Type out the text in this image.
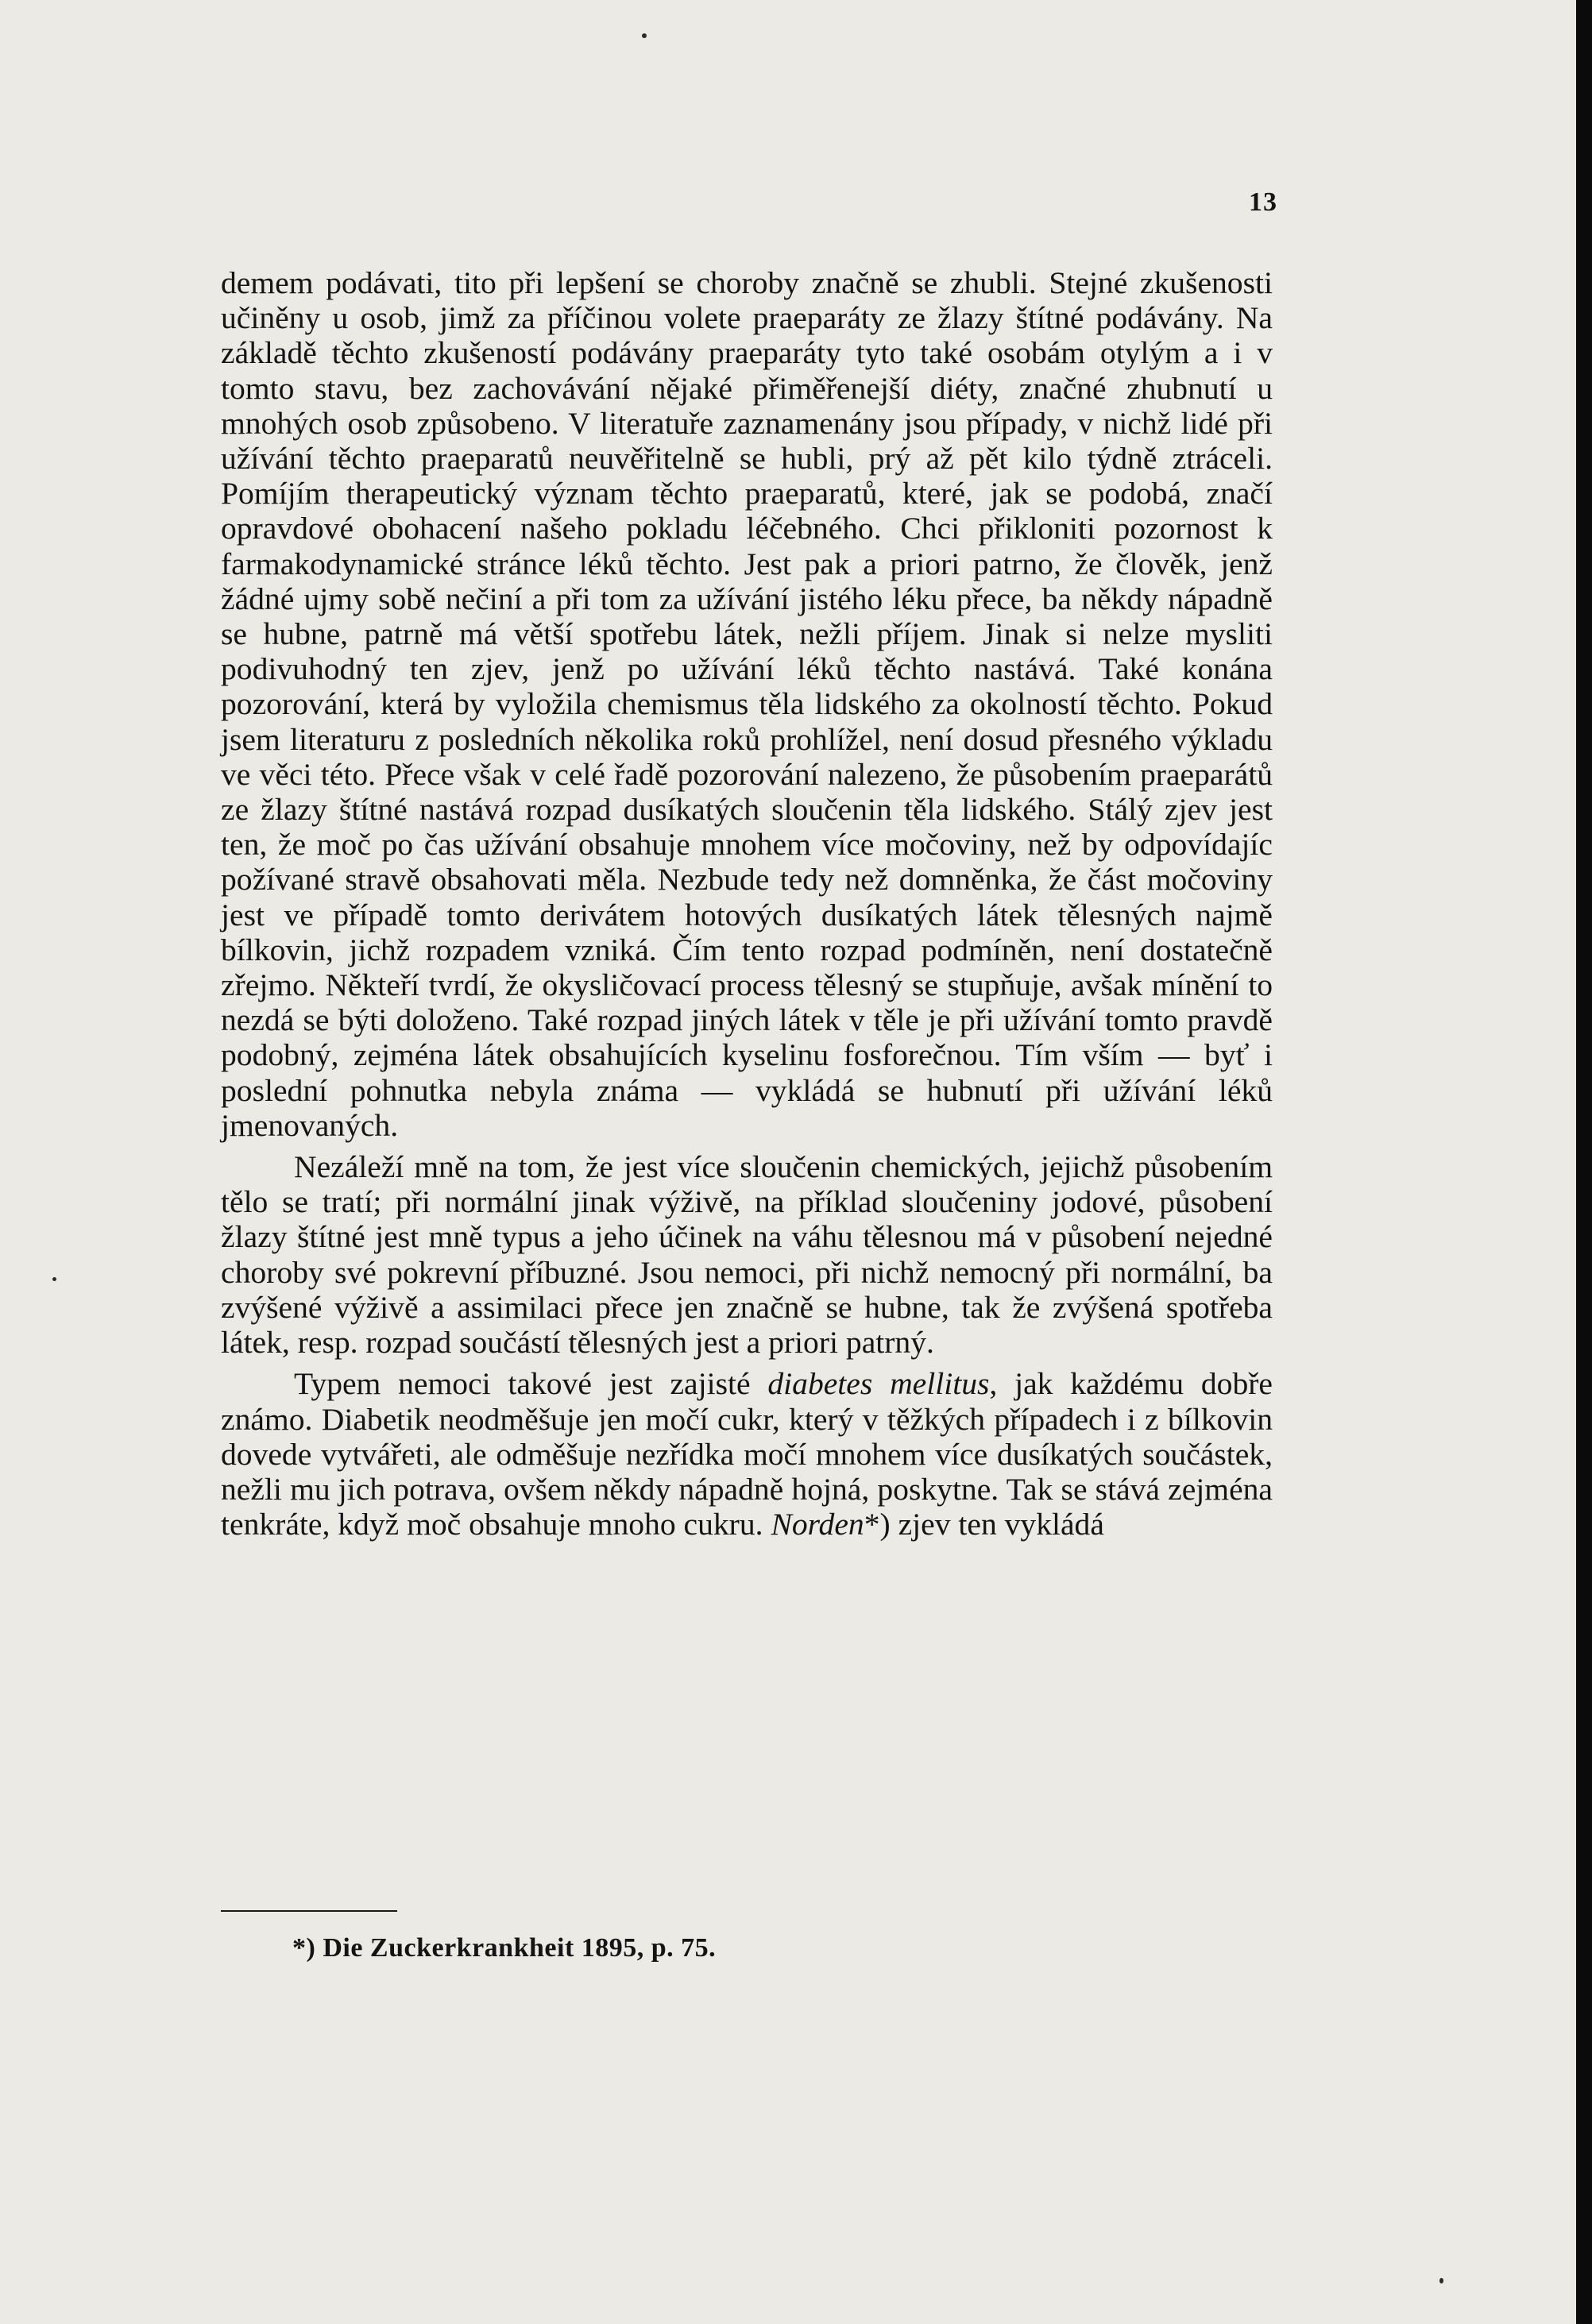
13

demem podávati, tito při lepšení se choroby značně se zhubli. Stejné zkušenosti učiněny u osob, jimž za příčinou volete praeparáty ze žlazy štítné podávány. Na základě těchto zkušeností podávány praeparáty tyto také osobám otylým a i v tomto stavu, bez zachovávání nějaké přiměřenejší diéty, značné zhubnutí u mnohých osob způsobeno. V literatuře zaznamenány jsou případy, v nichž lidé při užívání těchto praeparatů neuvěřitelně se hubli, prý až pět kilo týdně ztráceli. Pomíjím therapeutický význam těchto praeparatů, které, jak se podobá, značí opravdové obohacení našeho pokladu léčebného. Chci přikloniti pozornost k farmakodynamické stránce léků těchto. Jest pak a priori patrno, že člověk, jenž žádné ujmy sobě nečiní a při tom za užívání jistého léku přece, ba někdy nápadně se hubne, patrně má větší spotřebu látek, nežli příjem. Jinak si nelze mysliti podivuhodný ten zjev, jenž po užívání léků těchto nastává. Také konána pozorování, která by vyložila chemismus těla lidského za okolností těchto. Pokud jsem literaturu z posledních několika roků prohlížel, není dosud přesného výkladu ve věci této. Přece však v celé řadě pozorování nalezeno, že působením praeparátů ze žlazy štítné nastává rozpad dusíkatých sloučenin těla lidského. Stálý zjev jest ten, že moč po čas užívání obsahuje mnohem více močoviny, než by odpovídajíc požívané stravě obsahovati měla. Nezbude tedy než domněnka, že část močoviny jest ve případě tomto derivátem hotových dusíkatých látek tělesných najmě bílkovin, jichž rozpadem vzniká. Čím tento rozpad podmíněn, není dostatečně zřejmo. Někteří tvrdí, že okysličovací process tělesný se stupňuje, avšak mínění to nezdá se býti doloženo. Také rozpad jiných látek v těle je při užívání tomto pravdě podobný, zejména látek obsahujících kyselinu fosforečnou. Tím vším — byť i poslední pohnutka nebyla známa — vykládá se hubnutí při užívání léků jmenovaných.

Nezáleží mně na tom, že jest více sloučenin chemických, jejichž působením tělo se tratí; při normální jinak výživě, na příklad sloučeniny jodové, působení žlazy štítné jest mně typus a jeho účinek na váhu tělesnou má v působení nejedné choroby své pokrevní příbuzné. Jsou nemoci, při nichž nemocný při normální, ba zvýšené výživě a assimilaci přece jen značně se hubne, tak že zvýšená spotřeba látek, resp. rozpad součástí tělesných jest a priori patrný.

Typem nemoci takové jest zajisté diabetes mellitus, jak každému dobře známo. Diabetik neodměšuje jen močí cukr, který v těžkých případech i z bílkovin dovede vytvářeti, ale odměšuje nezřídka močí mnohem více dusíkatých součástek, nežli mu jich potrava, ovšem někdy nápadně hojná, poskytne. Tak se stává zejména tenkráte, když moč obsahuje mnoho cukru. Norden*) zjev ten vykládá

*) Die Zuckerkrankheit 1895, p. 75.
